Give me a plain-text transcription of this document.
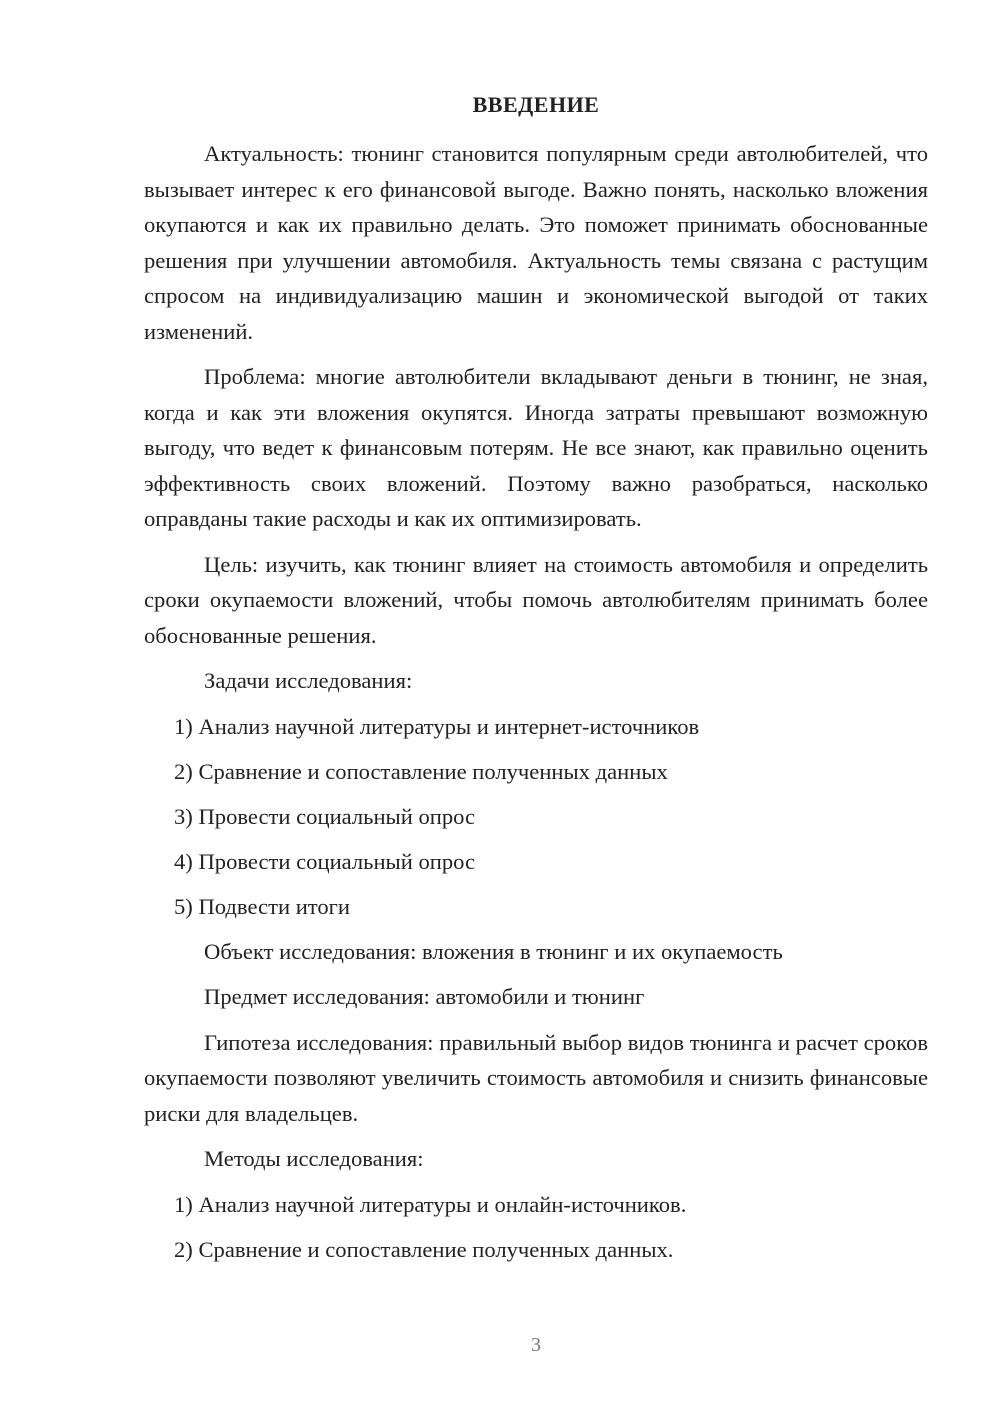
ВВЕДЕНИЕ

Актуальность: тюнинг становится популярным среди автолюбителей, что вызывает интерес к его финансовой выгоде. Важно понять, насколько вложения окупаются и как их правильно делать. Это поможет принимать обоснованные решения при улучшении автомобиля. Актуальность темы связана с растущим спросом на индивидуализацию машин и экономической выгодой от таких изменений.

Проблема: многие автолюбители вкладывают деньги в тюнинг, не зная, когда и как эти вложения окупятся. Иногда затраты превышают возможную выгоду, что ведет к финансовым потерям. Не все знают, как правильно оценить эффективность своих вложений. Поэтому важно разобраться, насколько оправданы такие расходы и как их оптимизировать.

Цель: изучить, как тюнинг влияет на стоимость автомобиля и определить сроки окупаемости вложений, чтобы помочь автолюбителям принимать более обоснованные решения.

Задачи исследования:

1) Анализ научной литературы и интернет-источников

2) Сравнение и сопоставление полученных данных

3) Провести социальный опрос

4) Провести социальный опрос

5) Подвести итоги

Объект исследования: вложения в тюнинг и их окупаемость

Предмет исследования: автомобили и тюнинг

Гипотеза исследования: правильный выбор видов тюнинга и расчет сроков окупаемости позволяют увеличить стоимость автомобиля и снизить финансовые риски для владельцев.

Методы исследования:

1) Анализ научной литературы и онлайн-источников.

2) Сравнение и сопоставление полученных данных.

3
